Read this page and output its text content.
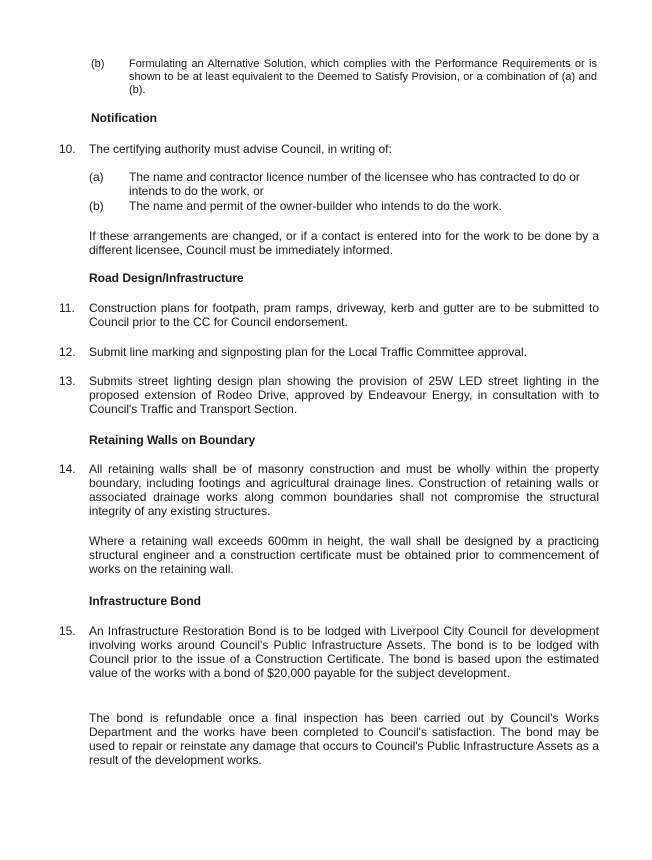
(b) Formulating an Alternative Solution, which complies with the Performance Requirements or is shown to be at least equivalent to the Deemed to Satisfy Provision, or a combination of (a) and (b).

Notification

10. The certifying authority must advise Council, in writing of:

(a) The name and contractor licence number of the licensee who has contracted to do or intends to do the work, or

(b) The name and permit of the owner-builder who intends to do the work.

If these arrangements are changed, or if a contact is entered into for the work to be done by a different licensee, Council must be immediately informed.

Road Design/Infrastructure

11. Construction plans for footpath, pram ramps, driveway, kerb and gutter are to be submitted to Council prior to the CC for Council endorsement.

12. Submit line marking and signposting plan for the Local Traffic Committee approval.

13. Submits street lighting design plan showing the provision of 25W LED street lighting in the proposed extension of Rodeo Drive, approved by Endeavour Energy, in consultation with to Council's Traffic and Transport Section.

Retaining Walls on Boundary

14. All retaining walls shall be of masonry construction and must be wholly within the property boundary, including footings and agricultural drainage lines. Construction of retaining walls or associated drainage works along common boundaries shall not compromise the structural integrity of any existing structures.

Where a retaining wall exceeds 600mm in height, the wall shall be designed by a practicing structural engineer and a construction certificate must be obtained prior to commencement of works on the retaining wall.

Infrastructure Bond

15. An Infrastructure Restoration Bond is to be lodged with Liverpool City Council for development involving works around Council's Public Infrastructure Assets. The bond is to be lodged with Council prior to the issue of a Construction Certificate. The bond is based upon the estimated value of the works with a bond of $20,000 payable for the subject development.

The bond is refundable once a final inspection has been carried out by Council's Works Department and the works have been completed to Council's satisfaction. The bond may be used to repair or reinstate any damage that occurs to Council's Public Infrastructure Assets as a result of the development works.
